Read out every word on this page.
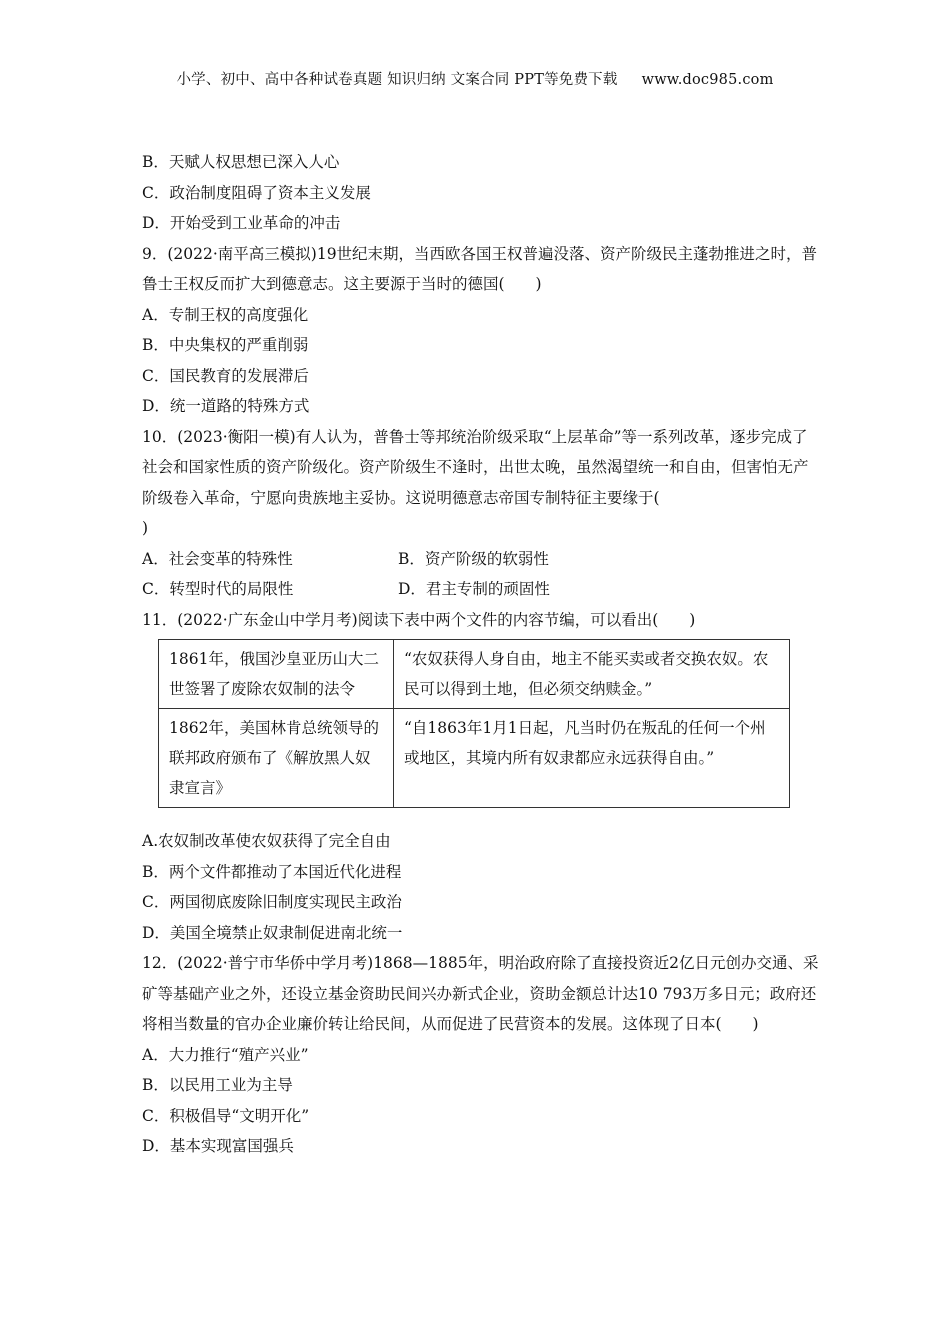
小学、初中、高中各种试卷真题 知识归纳 文案合同 PPT等免费下载 www.doc985.com
B．天赋人权思想已深入人心
C．政治制度阻碍了资本主义发展
D．开始受到工业革命的冲击

9．(2022·南平高三模拟)19世纪末期，当西欧各国王权普遍没落、资产阶级民主蓬勃推进之时，普鲁士王权反而扩大到德意志。这主要源于当时的德国(　　)

A．专制王权的高度强化
B．中央集权的严重削弱
C．国民教育的发展滞后
D．统一道路的特殊方式

10．(2023·衡阳一模)有人认为，普鲁士等邦统治阶级采取“上层革命”等一系列改革，逐步完成了社会和国家性质的资产阶级化。资产阶级生不逢时，出世太晚，虽然渴望统一和自由，但害怕无产阶级卷入革命，宁愿向贵族地主妥协。这说明德意志帝国专制特征主要缘于(

)
A．社会变革的特殊性	B．资产阶级的软弱性
C．转型时代的局限性	D．君主专制的顽固性
11．(2022·广东金山中学月考)阅读下表中两个文件的内容节编，可以看出(　　)
1861年，俄国沙皇亚历山大二世签署了废除农奴制的法令	“农奴获得人身自由，地主不能买卖或者交换农奴。农民可以得到土地，但必须交纳赎金。”
1862年，美国林肯总统领导的联邦政府颁布了《解放黑人奴隶宣言》	“自1863年1月1日起，凡当时仍在叛乱的任何一个州或地区，其境内所有奴隶都应永远获得自由。”
A.农奴制改革使农奴获得了完全自由
B．两个文件都推动了本国近代化进程
C．两国彻底废除旧制度实现民主政治
D．美国全境禁止奴隶制促进南北统一

12．(2022·普宁市华侨中学月考)1868—1885年，明治政府除了直接投资近2亿日元创办交通、采矿等基础产业之外，还设立基金资助民间兴办新式企业，资助金额总计达10 793万多日元；政府还将相当数量的官办企业廉价转让给民间，从而促进了民营资本的发展。这体现了日本(　　)

A．大力推行“殖产兴业”
B．以民用工业为主导
C．积极倡导“文明开化”
D．基本实现富国强兵
